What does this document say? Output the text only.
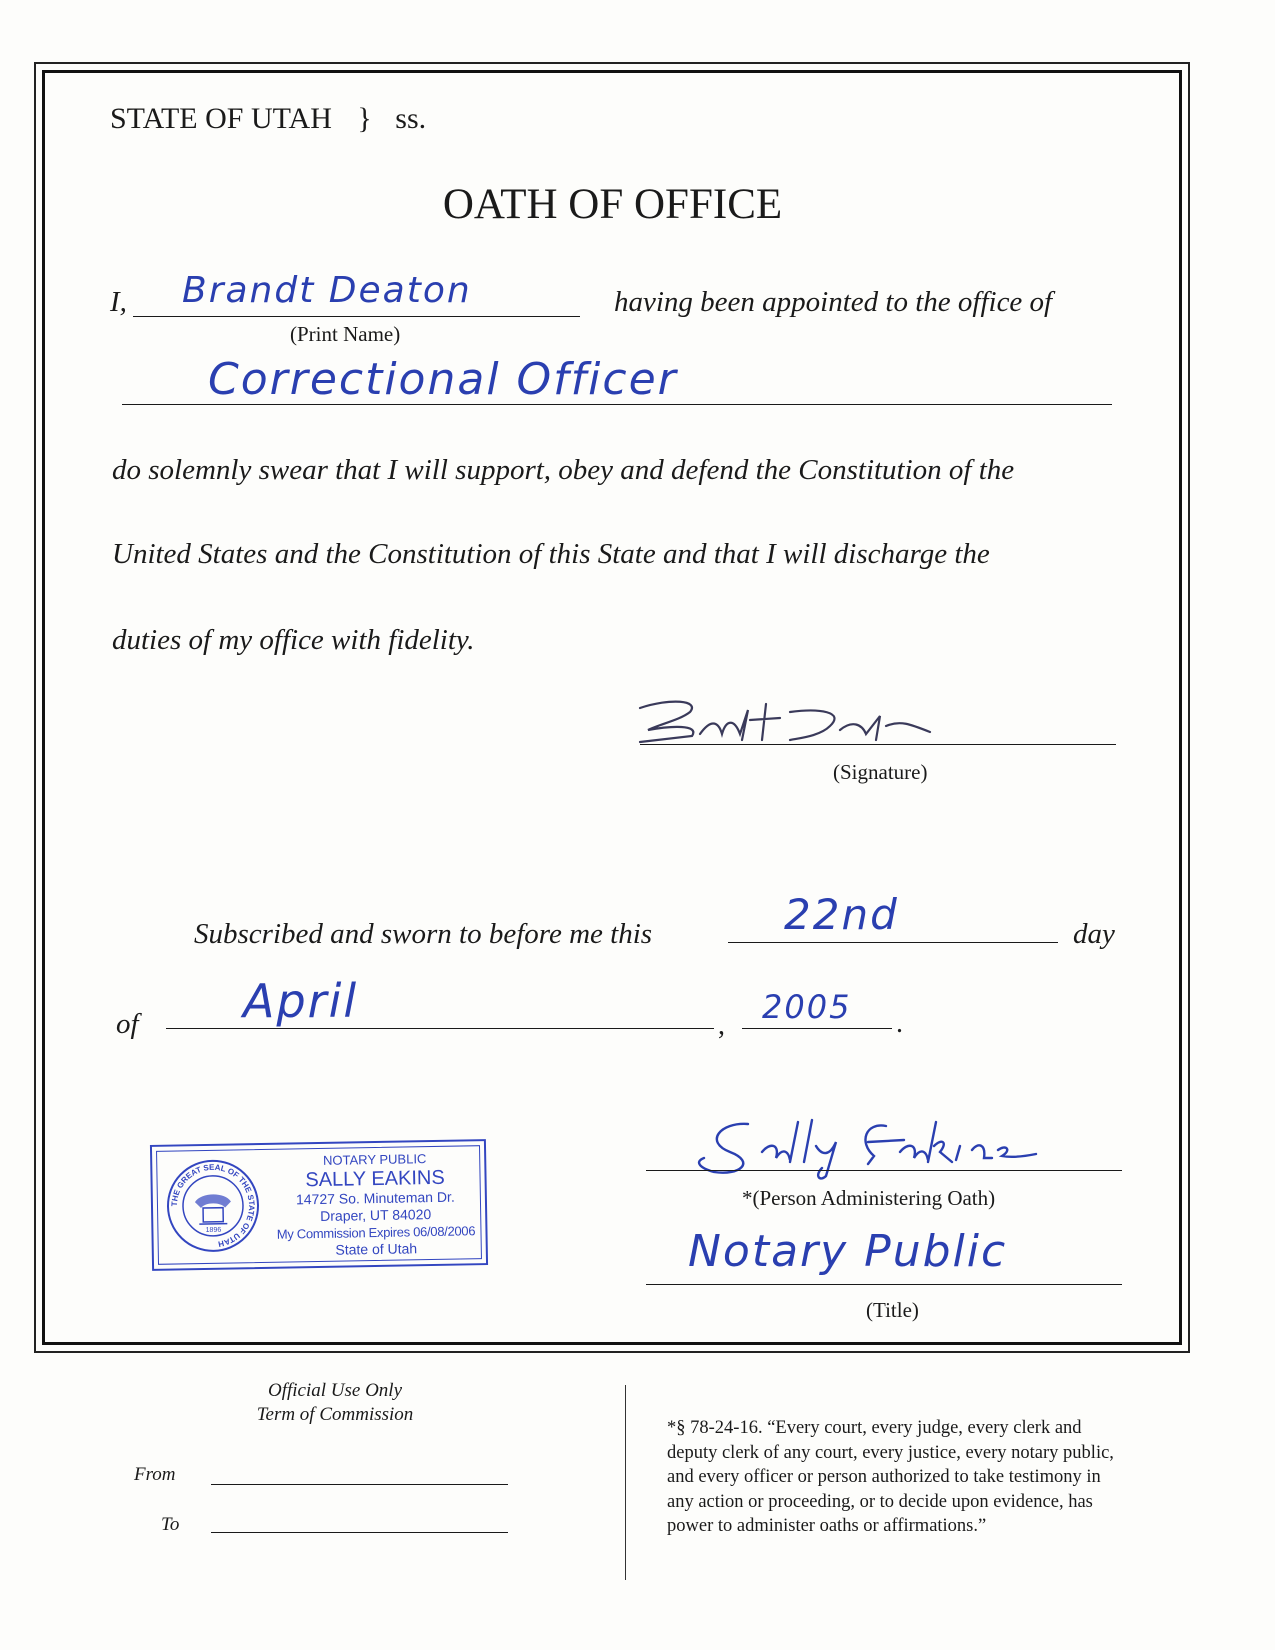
STATE OF UTAH } ss.
OATH OF OFFICE
I, Brandt Deaton
(Print Name)
having been appointed to the office of
Correctional Officer
do solemnly swear that I will support, obey and defend the Constitution of the
United States and the Constitution of this State and that I will discharge the
duties of my office with fidelity.
(Signature)
Subscribed and sworn to before me this	22nd	day
of April	, 2005 .
THE GREAT SEAL OF THE STATE OF UTAH
1896
NOTARY PUBLIC
SALLY EAKINS
14727 So. Minuteman Dr.
Draper, UT 84020
My Commission Expires 06/08/2006
State of Utah
*(Person Administering Oath)
Notary Public
(Title)
Official Use Only
Term of Commission
From
To
*§ 78-24-16. “Every court, every judge, every clerk and
deputy clerk of any court, every justice, every notary public,
and every officer or person authorized to take testimony in
any action or proceeding, or to decide upon evidence, has
power to administer oaths or affirmations.”
